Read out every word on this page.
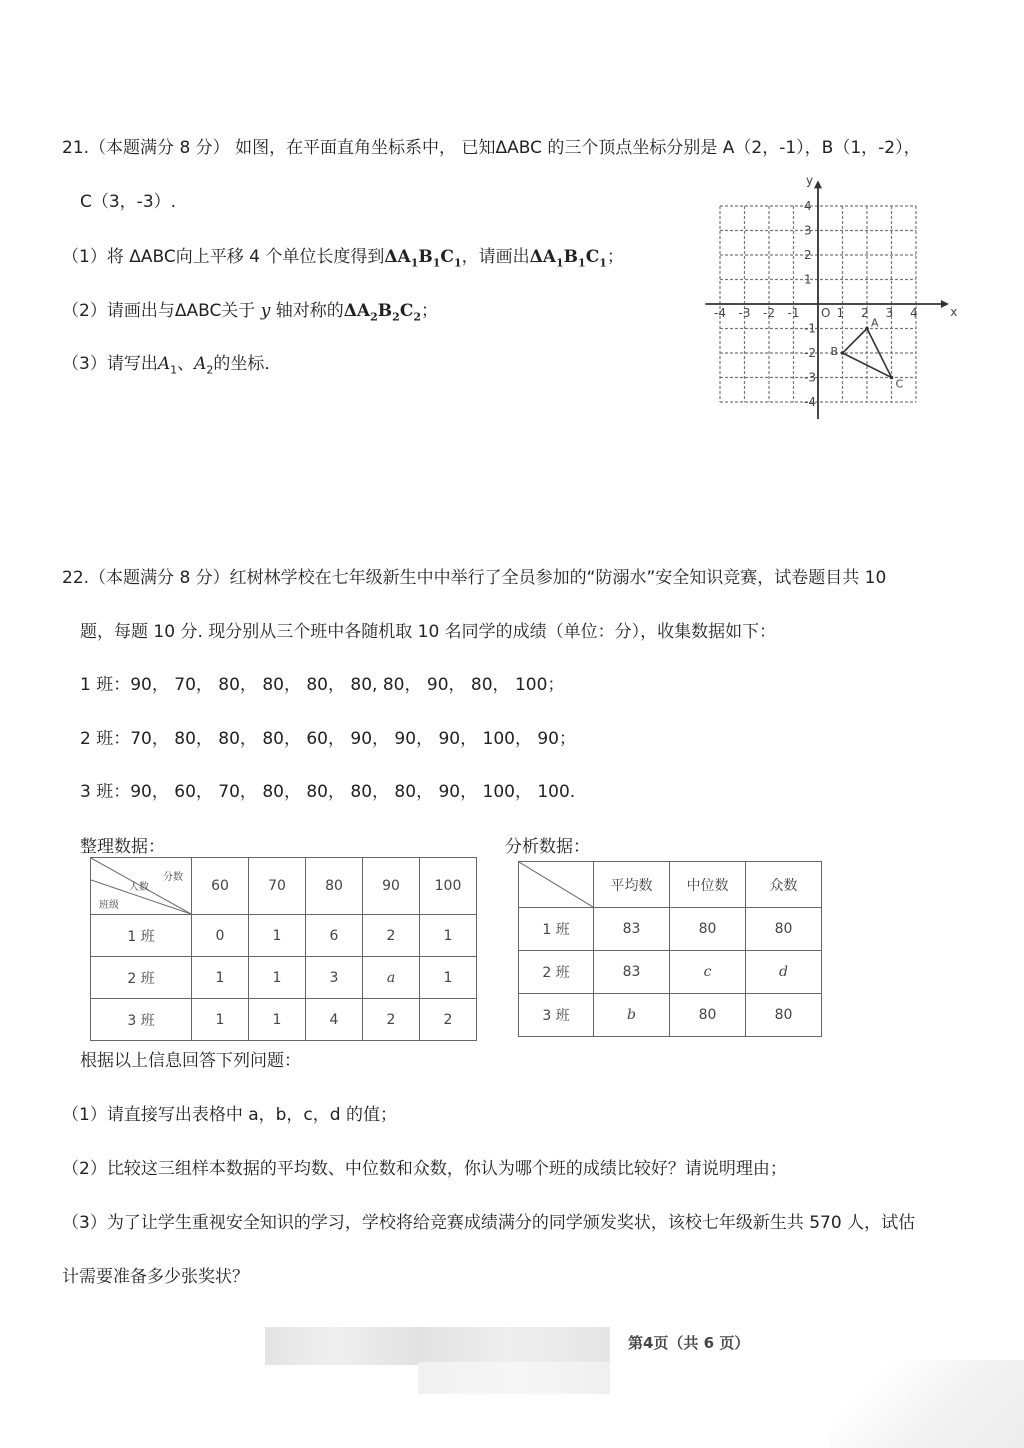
21.（本题满分 8 分） 如图，在平面直角坐标系中， 已知ΔABC 的三个顶点坐标分别是 A（2，-1），B（1，-2），
C（3，-3）.
（1）将 ΔABC向上平移 4 个单位长度得到$\Delta A_1B_1C_1$，请画出$\Delta A_1B_1C_1$；
（2）请画出与ΔABC关于 y 轴对称的$\Delta A_2B_2C_2$；
（3）请写出$A_1$、$A_2$的坐标．
x
y
O
-4 -3 -2 -1	1 2 3 4
4
3
2
1
-1
-2
-3
-4
A
B
C
22.（本题满分 8 分）红树林学校在七年级新生中中举行了全员参加的“防溺水”安全知识竞赛，试卷题目共 10
题，每题 10 分. 现分别从三个班中各随机取 10 名同学的成绩（单位：分），收集数据如下：
1 班：90， 70， 80， 80， 80， 80, 80， 90， 80， 100；
2 班：70， 80， 80， 80， 60， 90， 90， 90， 100， 90；
3 班：90， 60， 70， 80， 80， 80， 80， 90， 100， 100.
整理数据：	分析数据：
分数
人数
班级	60	70	80	90	100
1 班	0	1	6	2	1
2 班	1	1	3	a	1
3 班	1	1	4	2	2
	平均数	中位数	众数
1 班	83	80	80
2 班	83	c	d
3 班	b	80	80
根据以上信息回答下列问题：
（1）请直接写出表格中 a，b，c，d 的值；
（2）比较这三组样本数据的平均数、中位数和众数，你认为哪个班的成绩比较好？请说明理由；
（3）为了让学生重视安全知识的学习，学校将给竞赛成绩满分的同学颁发奖状，该校七年级新生共 570 人，试估
计需要准备多少张奖状？
第4页（共 6 页）
